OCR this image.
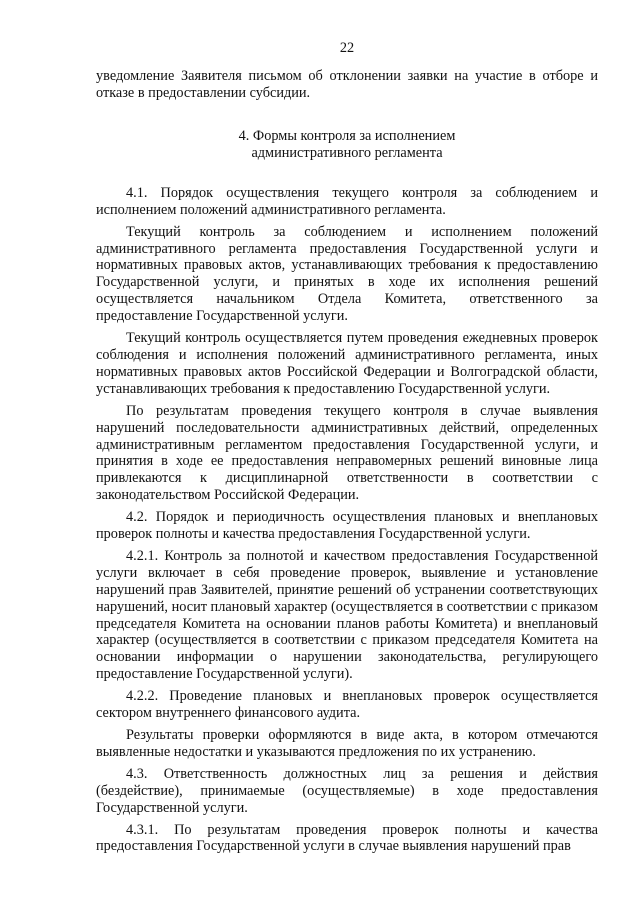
22

уведомление Заявителя письмом об отклонении заявки на участие в отборе и отказе в предоставлении субсидии.

4. Формы контроля за исполнением
административного регламента

4.1. Порядок осуществления текущего контроля за соблюдением и исполнением положений административного регламента.

Текущий контроль за соблюдением и исполнением положений административного регламента предоставления Государственной услуги и нормативных правовых актов, устанавливающих требования к предоставлению Государственной услуги, и принятых в ходе их исполнения решений осуществляется начальником Отдела Комитета, ответственного за предоставление Государственной услуги.

Текущий контроль осуществляется путем проведения ежедневных проверок соблюдения и исполнения положений административного регламента, иных нормативных правовых актов Российской Федерации и Волгоградской области, устанавливающих требования к предоставлению Государственной услуги.

По результатам проведения текущего контроля в случае выявления нарушений последовательности административных действий, определенных административным регламентом предоставления Государственной услуги, и принятия в ходе ее предоставления неправомерных решений виновные лица привлекаются к дисциплинарной ответственности в соответствии с законодательством Российской Федерации.

4.2. Порядок и периодичность осуществления плановых и внеплановых проверок полноты и качества предоставления Государственной услуги.

4.2.1. Контроль за полнотой и качеством предоставления Государственной услуги включает в себя проведение проверок, выявление и установление нарушений прав Заявителей, принятие решений об устранении соответствующих нарушений, носит плановый характер (осуществляется в соответствии с приказом председателя Комитета на основании планов работы Комитета) и внеплановый характер (осуществляется в соответствии с приказом председателя Комитета на основании информации о нарушении законодательства, регулирующего предоставление Государственной услуги).

4.2.2. Проведение плановых и внеплановых проверок осуществляется сектором внутреннего финансового аудита.

Результаты проверки оформляются в виде акта, в котором отмечаются выявленные недостатки и указываются предложения по их устранению.

4.3. Ответственность должностных лиц за решения и действия (бездействие), принимаемые (осуществляемые) в ходе предоставления Государственной услуги.

4.3.1. По результатам проведения проверок полноты и качества предоставления Государственной услуги в случае выявления нарушений прав
